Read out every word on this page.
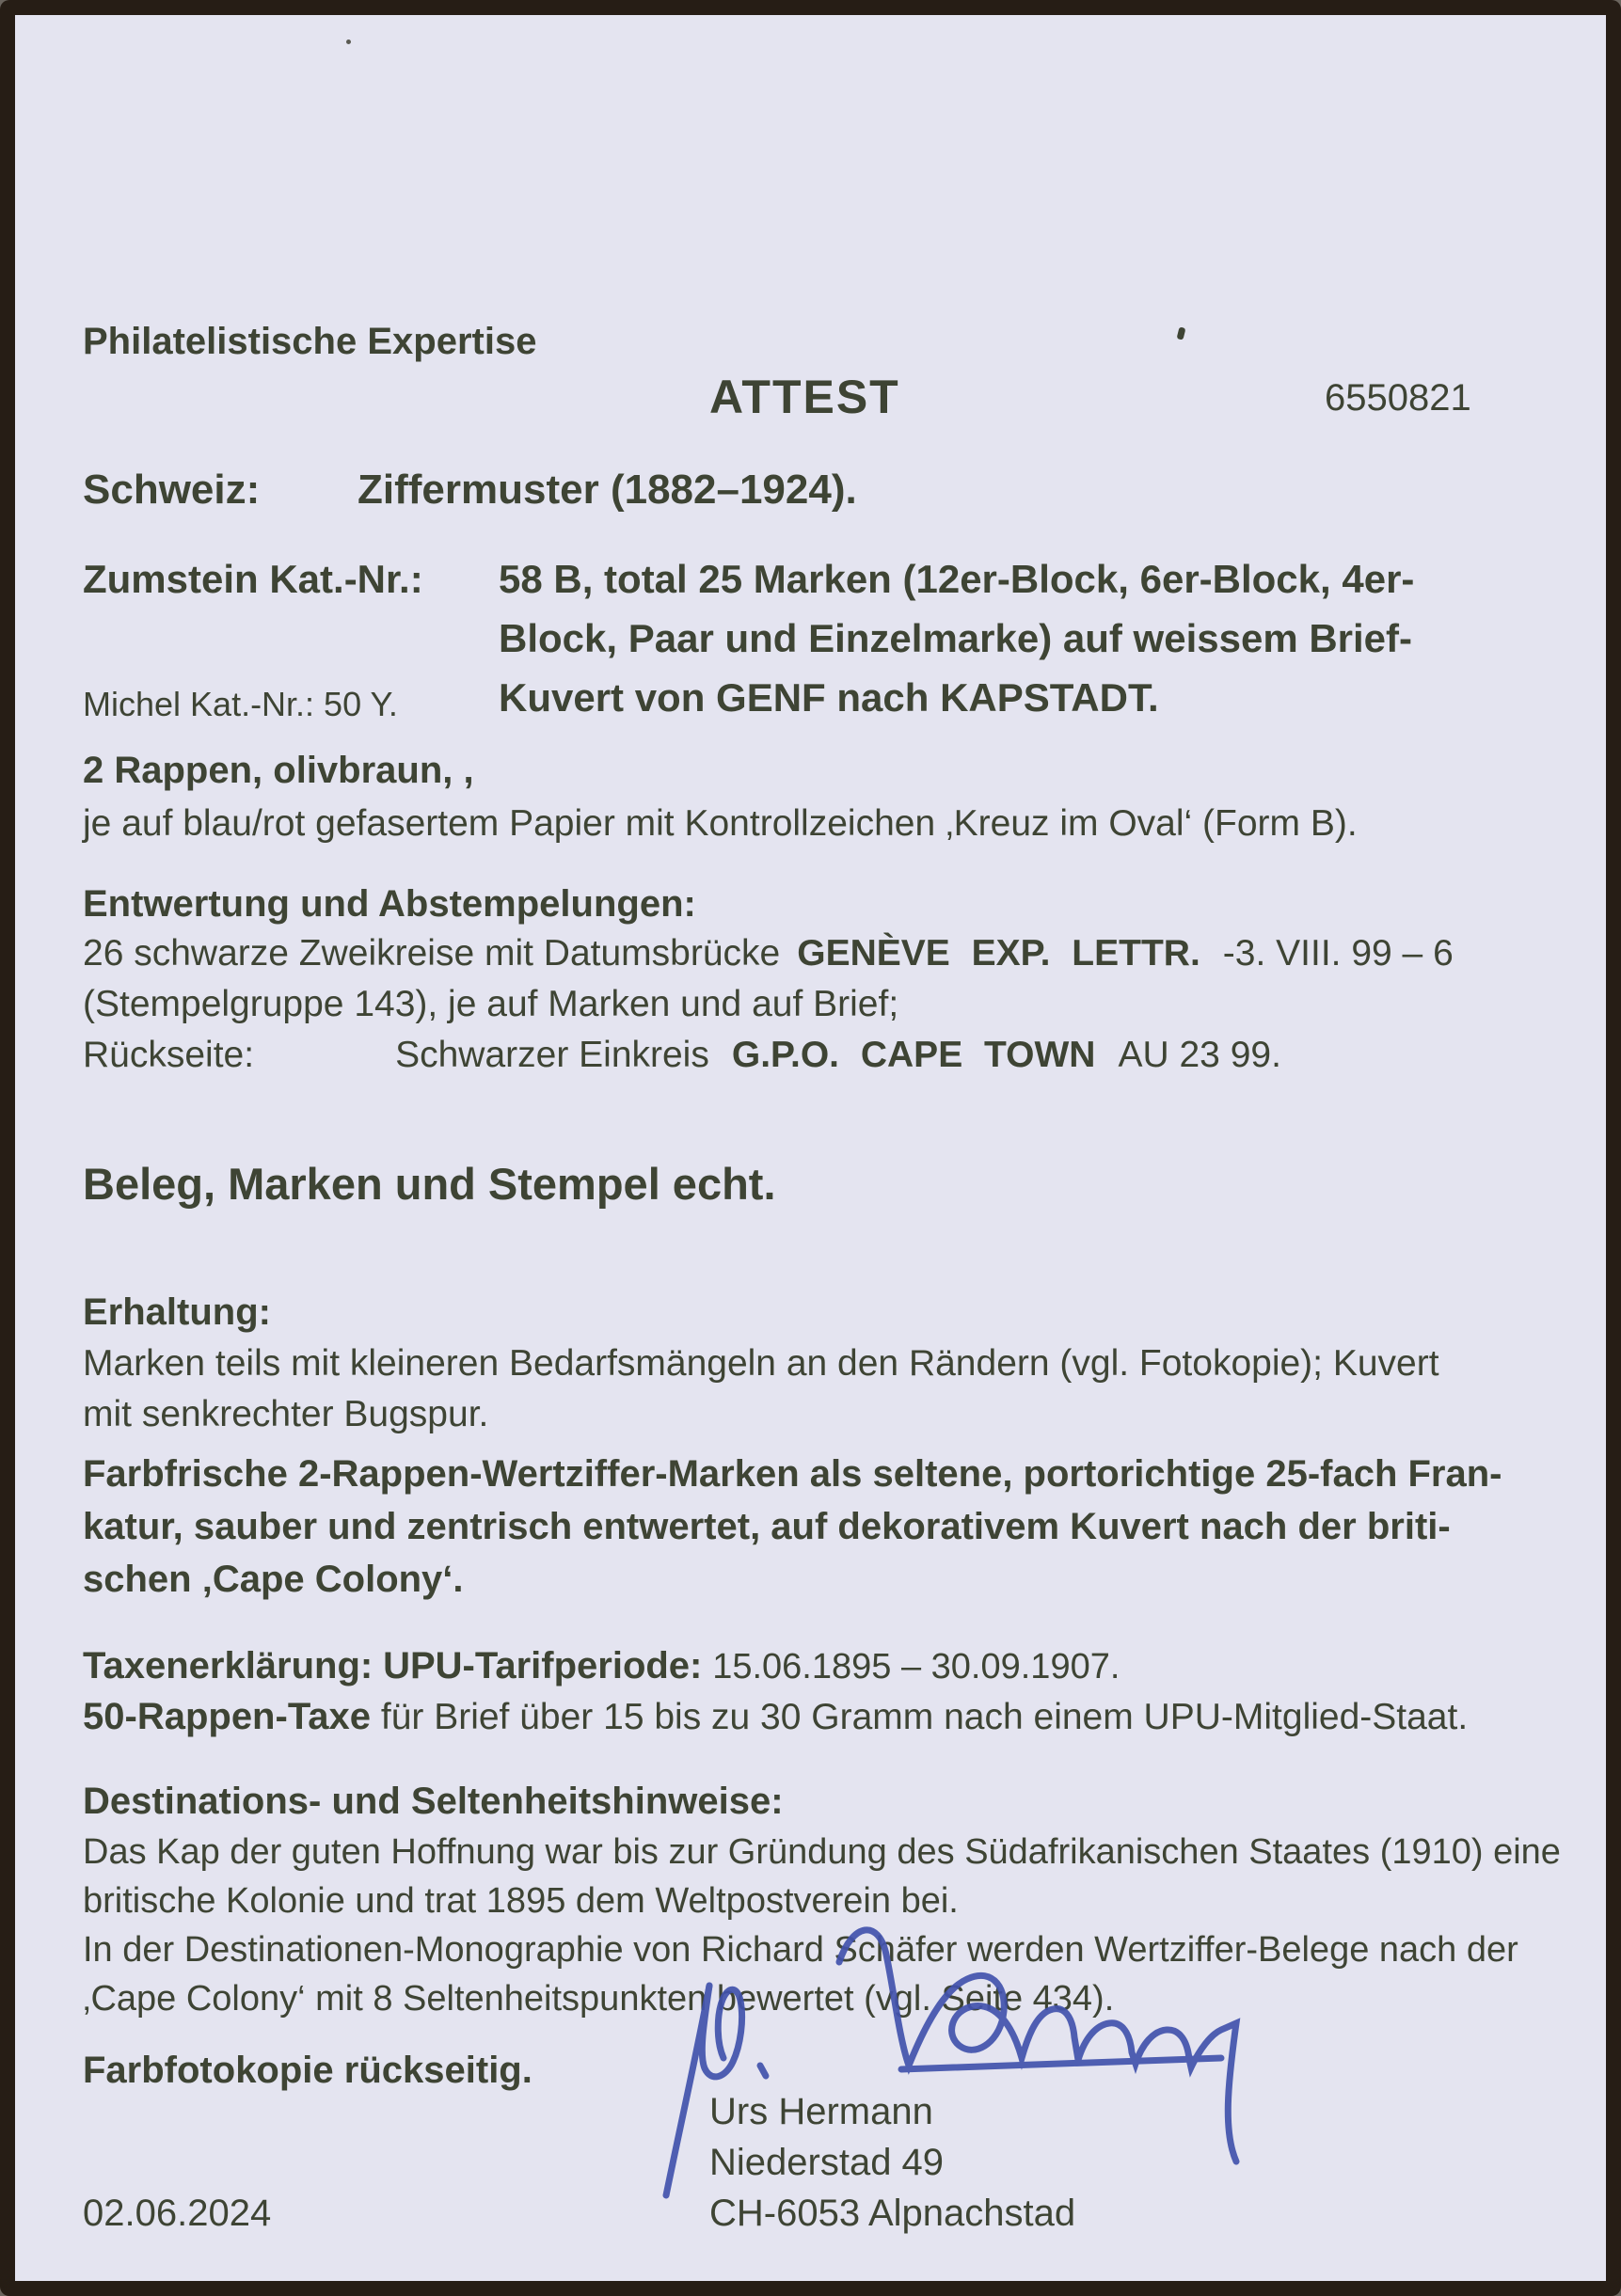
Philatelistische Expertise
ATTEST	6550821
Schweiz: Ziffermuster (1882–1924).
Zumstein Kat.-Nr.: 58 B, total 25 Marken (12er-Block, 6er-Block, 4er-
Block, Paar und Einzelmarke) auf weissem Brief-
Kuvert von GENF nach KAPSTADT.
Michel Kat.-Nr.: 50 Y.
2 Rappen, olivbraun, ,
je auf blau/rot gefasertem Papier mit Kontrollzeichen ‚Kreuz im Oval‘ (Form B).
Entwertung und Abstempelungen:
26 schwarze Zweikreise mit Datumsbrücke GENÈVE EXP. LETTR. -3. VIII. 99 – 6
(Stempelgruppe 143), je auf Marken und auf Brief;
Rückseite:	Schwarzer Einkreis G.P.O. CAPE TOWN AU 23 99.
Beleg, Marken und Stempel echt.
Erhaltung:
Marken teils mit kleineren Bedarfsmängeln an den Rändern (vgl. Fotokopie); Kuvert
mit senkrechter Bugspur.
Farbfrische 2-Rappen-Wertziffer-Marken als seltene, portorichtige 25-fach Fran-
katur, sauber und zentrisch entwertet, auf dekorativem Kuvert nach der briti-
schen ‚Cape Colony‘.
Taxenerklärung: UPU-Tarifperiode: 15.06.1895 – 30.09.1907.
50-Rappen-Taxe für Brief über 15 bis zu 30 Gramm nach einem UPU-Mitglied-Staat.
Destinations- und Seltenheitshinweise:
Das Kap der guten Hoffnung war bis zur Gründung des Südafrikanischen Staates (1910) eine
britische Kolonie und trat 1895 dem Weltpostverein bei.
In der Destinationen-Monographie von Richard Schäfer werden Wertziffer-Belege nach der
‚Cape Colony‘ mit 8 Seltenheitspunkten bewertet (vgl. Seite 434).
Farbfotokopie rückseitig.
Urs Hermann
Niederstad 49
CH-6053 Alpnachstad
02.06.2024
